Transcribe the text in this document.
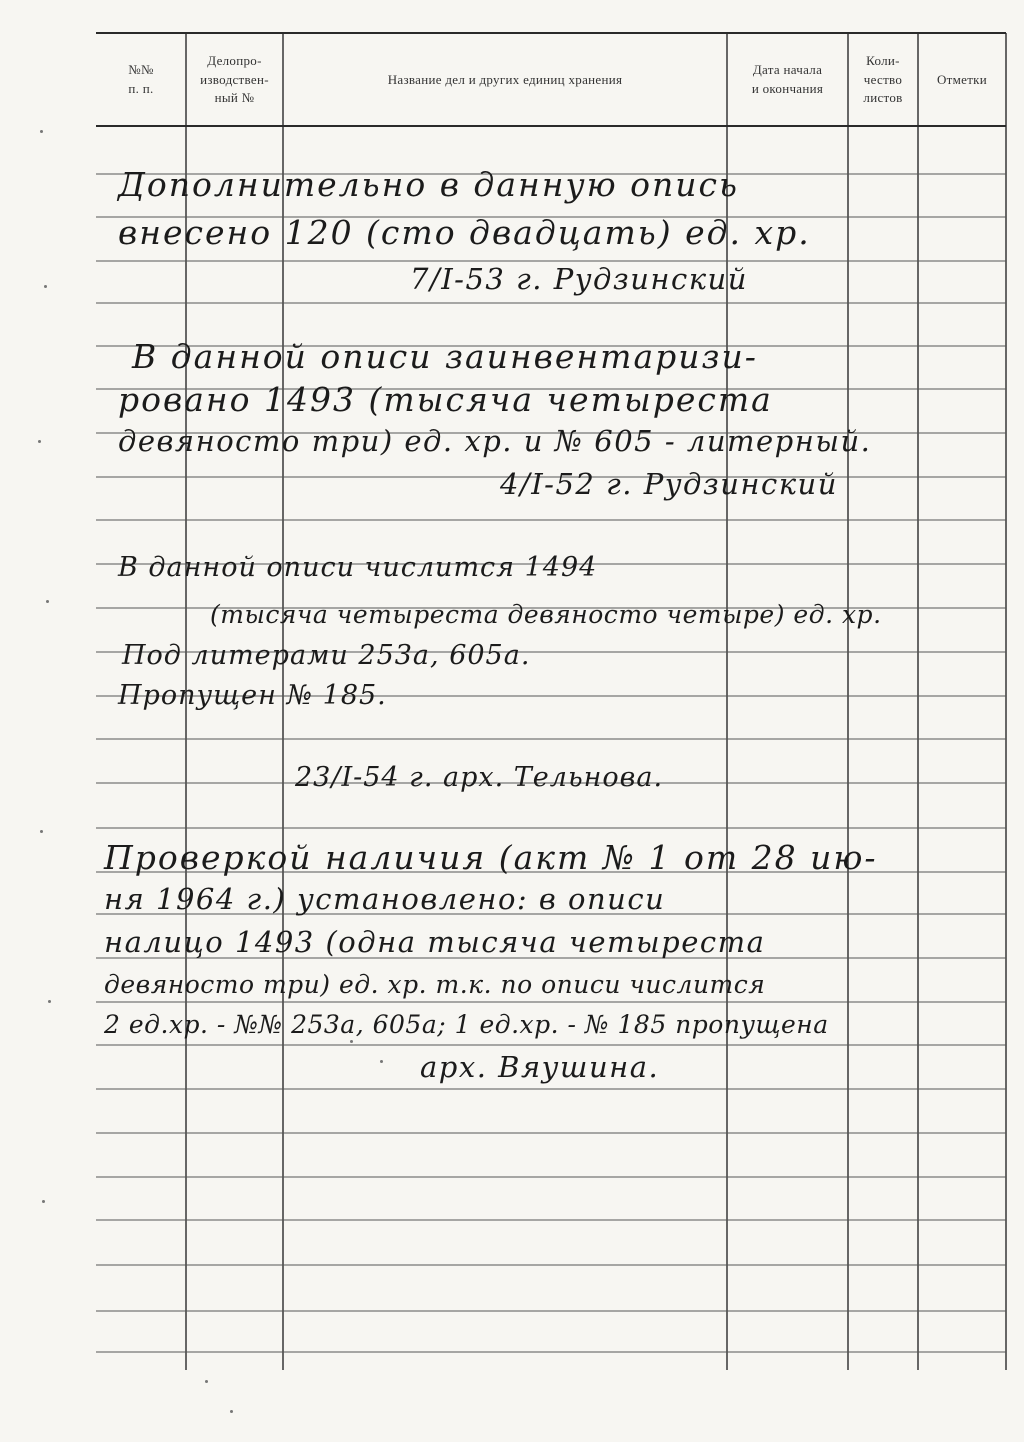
№№
п. п.
Делопро-
изводствен-
ный №
Название дел и других единиц хранения
Дата начала
и окончания
Коли-
чество
листов
Отметки
Дополнительно в данную опись
внесено 120 (сто двадцать) ед. хр.
7/I-53 г. Рудзинский
В данной описи заинвентаризи-
ровано 1493 (тысяча четыреста
девяносто три) ед. хр. и № 605 - литерный.
4/I-52 г. Рудзинский
В данной описи числится 1494
(тысяча четыреста девяносто четыре) ед. хр.
Под литерами 253а, 605а.
Пропущен № 185.
23/I-54 г. арх. Тельнова.
Проверкой наличия (акт № 1 от 28 ию-
ня 1964 г.) установлено: в описи
налицо 1493 (одна тысяча четыреста
девяносто три) ед. хр. т.к. по описи числится
2 ед.хр. - №№ 253а, 605а; 1 ед.хр. - № 185 пропущена
арх. Вяушина.
